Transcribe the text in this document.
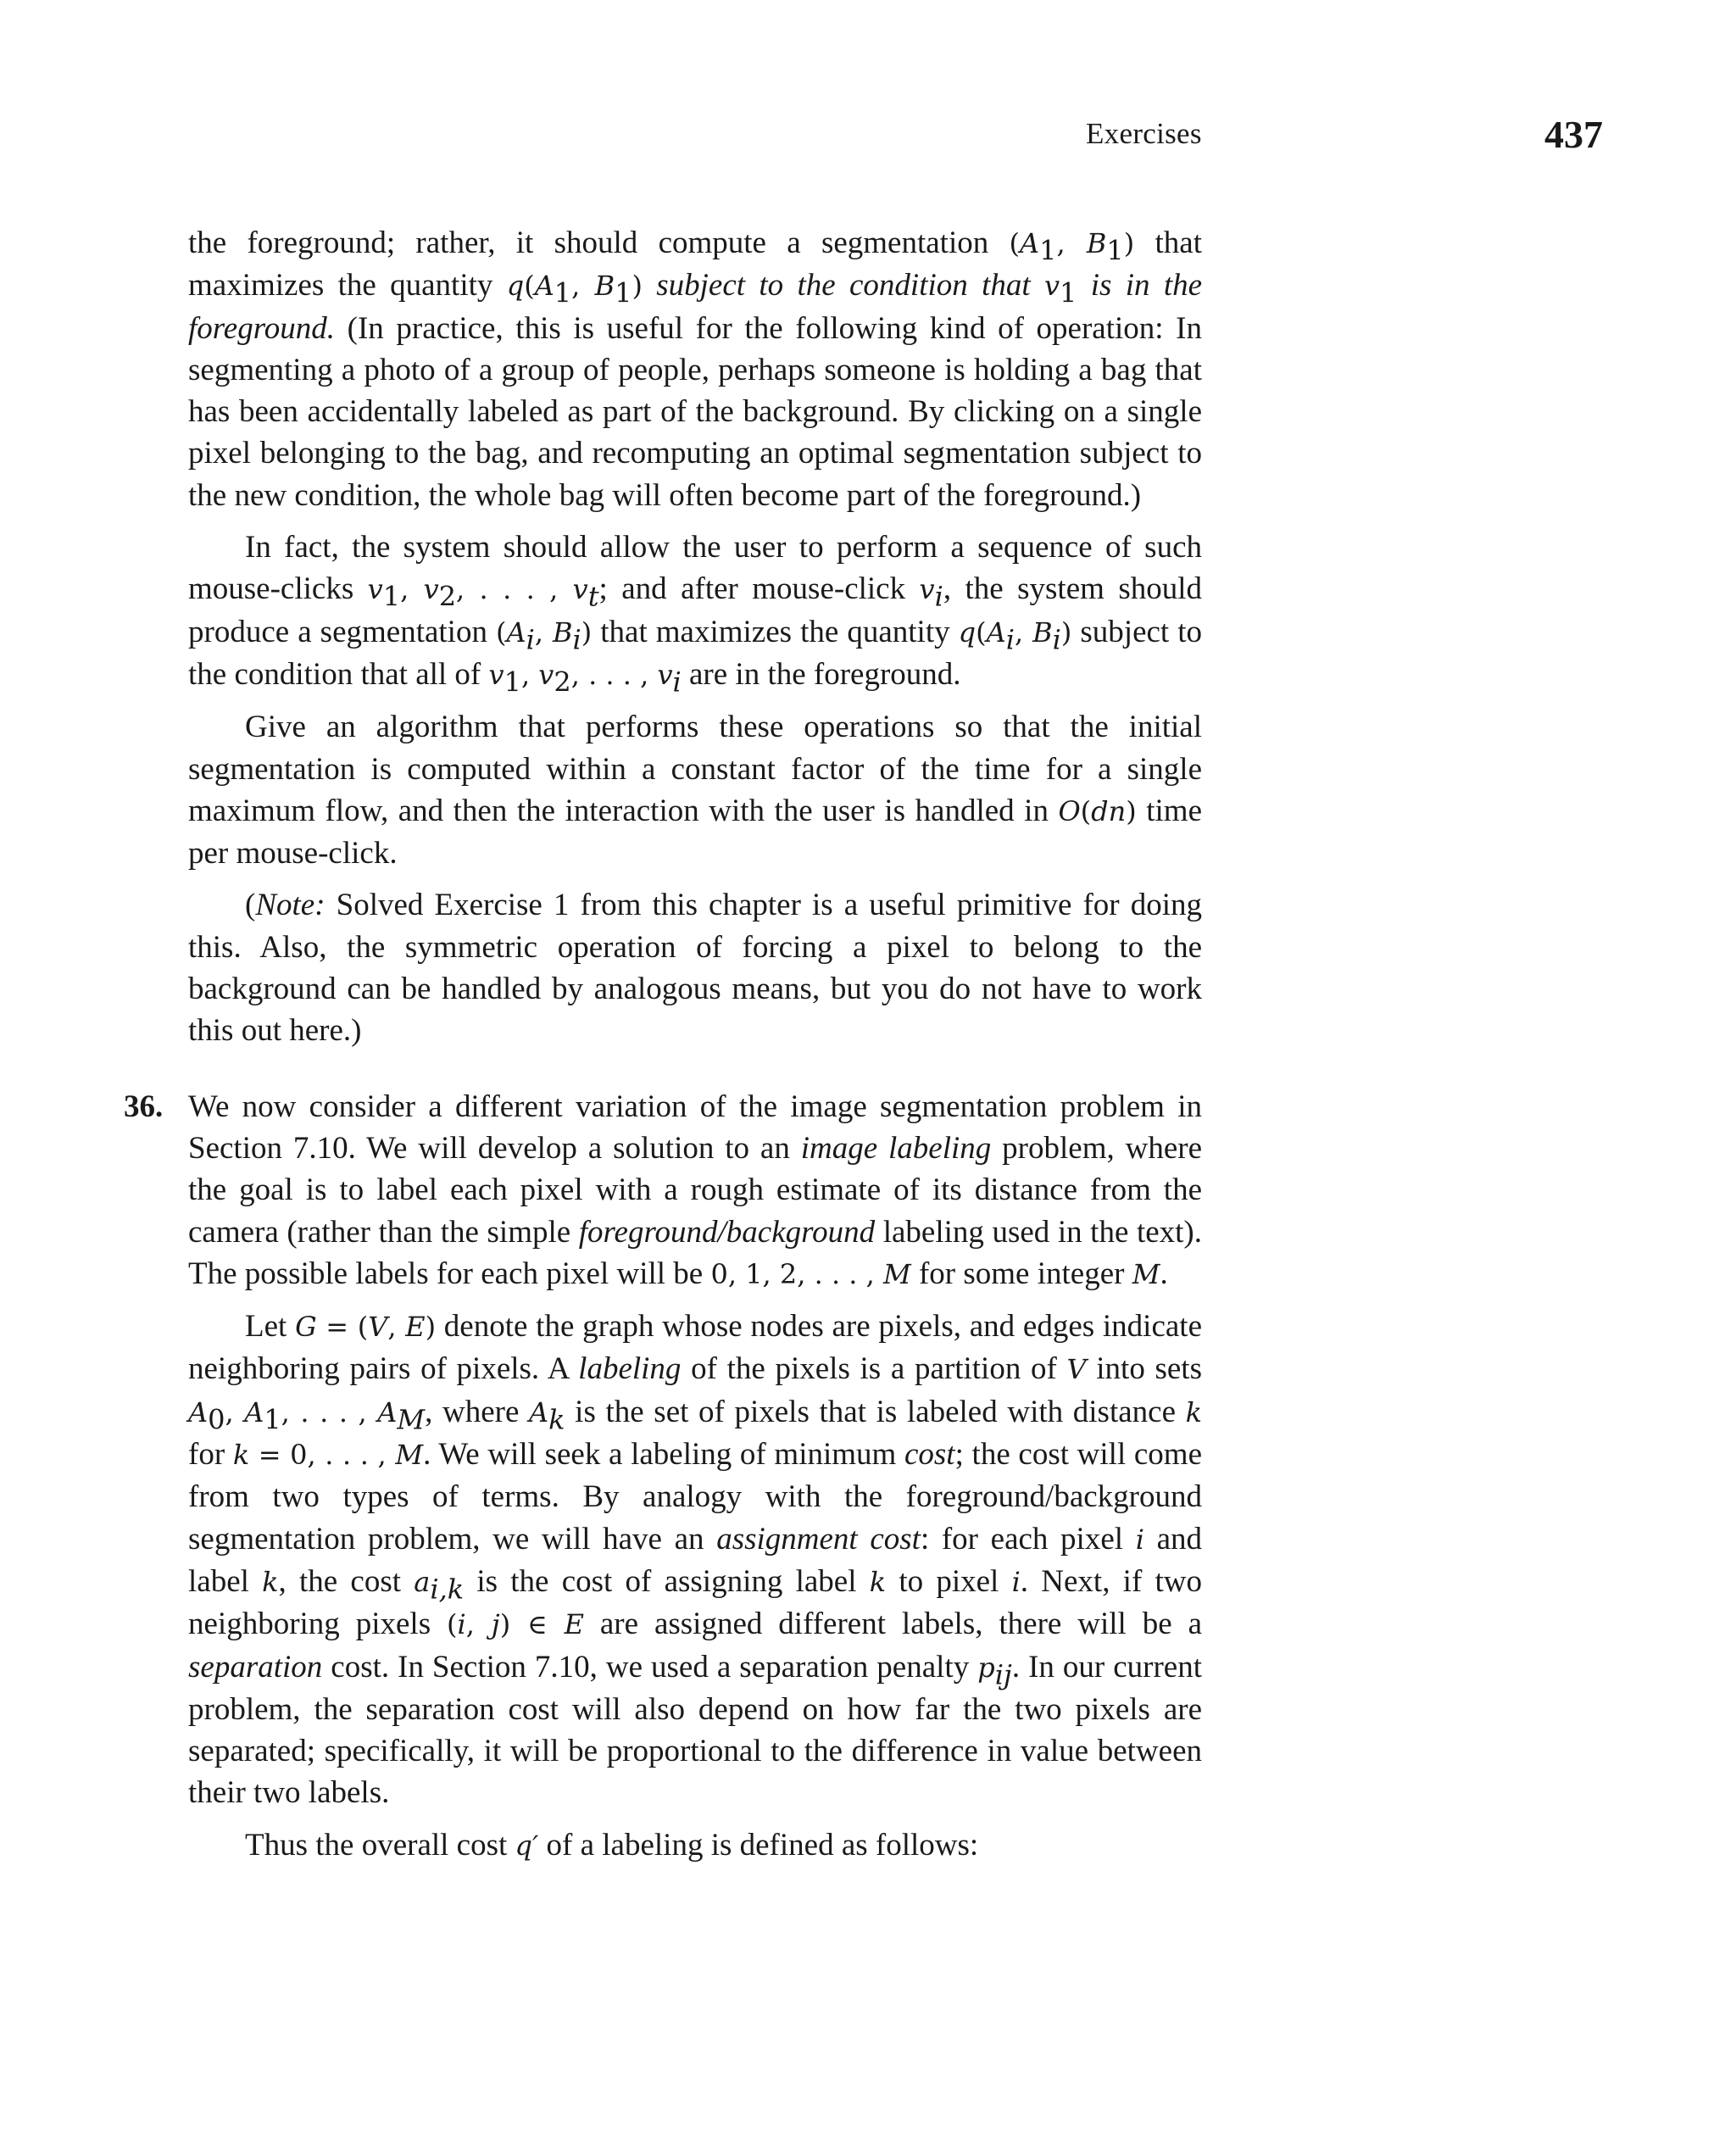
Exercises	437

the foreground; rather, it should compute a segmentation ($A_1$, $B_1$) that maximizes the quantity $q(A_1$, $B_1$) subject to the condition that $v_1$ is in the foreground. (In practice, this is useful for the following kind of operation: In segmenting a photo of a group of people, perhaps someone is holding a bag that has been accidentally labeled as part of the background. By clicking on a single pixel belonging to the bag, and recomputing an optimal segmentation subject to the new condition, the whole bag will often become part of the foreground.)

In fact, the system should allow the user to perform a sequence of such mouse-clicks $v_1$, $v_2$, . . . , $v_t$; and after mouse-click $v_i$, the system should produce a segmentation ($A_i$, $B_i$) that maximizes the quantity $q(A_i$, $B_i$) subject to the condition that all of $v_1$, $v_2$, . . . , $v_i$ are in the foreground.

Give an algorithm that performs these operations so that the initial segmentation is computed within a constant factor of the time for a single maximum flow, and then the interaction with the user is handled in O(dn) time per mouse-click.

(Note: Solved Exercise 1 from this chapter is a useful primitive for doing this. Also, the symmetric operation of forcing a pixel to belong to the background can be handled by analogous means, but you do not have to work this out here.)

36. We now consider a different variation of the image segmentation problem in Section 7.10. We will develop a solution to an image labeling problem, where the goal is to label each pixel with a rough estimate of its distance from the camera (rather than the simple foreground/background labeling used in the text). The possible labels for each pixel will be 0, 1, 2, . . . , M for some integer M.

Let G = (V, E) denote the graph whose nodes are pixels, and edges indicate neighboring pairs of pixels. A labeling of the pixels is a partition of V into sets $A_0$, $A_1$, . . . , $A_M$, where $A_k$ is the set of pixels that is labeled with distance k for k = 0, . . . , M. We will seek a labeling of minimum cost; the cost will come from two types of terms. By analogy with the foreground/background segmentation problem, we will have an assignment cost: for each pixel i and label k, the cost $a_{i,k}$ is the cost of assigning label k to pixel i. Next, if two neighboring pixels (i, j) ∈ E are assigned different labels, there will be a separation cost. In Section 7.10, we used a separation penalty $p_{ij}$. In our current problem, the separation cost will also depend on how far the two pixels are separated; specifically, it will be proportional to the difference in value between their two labels.

Thus the overall cost q′ of a labeling is defined as follows:
